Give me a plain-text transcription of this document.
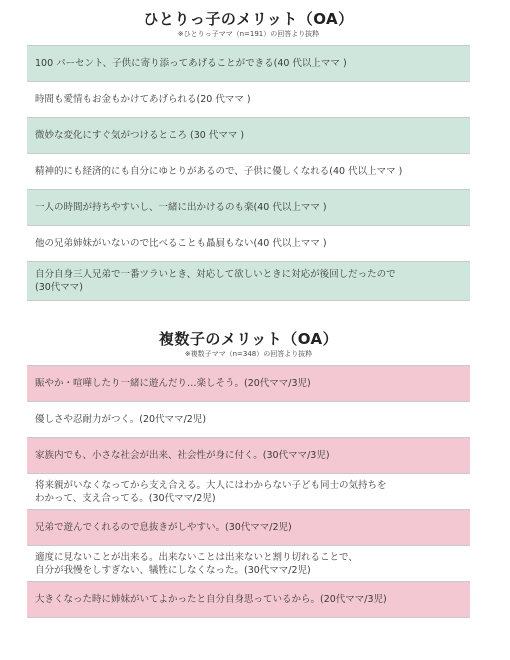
ひとりっ子のメリット（OA）
※ひとりっ子ママ（n=191）の回答より抜粋
100 パーセント、子供に寄り添ってあげることができる(40 代以上ママ )
時間も愛情もお金もかけてあげられる(20 代ママ )
微妙な変化にすぐ気がつけるところ (30 代ママ )
精神的にも経済的にも自分にゆとりがあるので、子供に優しくなれる(40 代以上ママ )
一人の時間が持ちやすいし、一緒に出かけるのも楽(40 代以上ママ )
他の兄弟姉妹がいないので比べることも贔屓もない(40 代以上ママ )
自分自身三人兄弟で一番ツラいとき、対応して欲しいときに対応が後回しだったので
(30代ママ)
複数子のメリット（OA）
※複数子ママ（n=348）の回答より抜粋
賑やか・喧嘩したり一緒に遊んだり…楽しそう。(20代ママ/3児)
優しさや忍耐力がつく。(20代ママ/2児)
家族内でも、小さな社会が出来、社会性が身に付く。(30代ママ/3児)
将来親がいなくなってから支え合える。大人にはわからない子ども同士の気持ちを
わかって、支え合ってる。(30代ママ/2児)
兄弟で遊んでくれるので息抜きがしやすい。(30代ママ/2児)
適度に見ないことが出来る。出来ないことは出来ないと割り切れることで、
自分が我慢をしすぎない、犠牲にしなくなった。(30代ママ/2児)
大きくなった時に姉妹がいてよかったと自分自身思っているから。(20代ママ/3児)
